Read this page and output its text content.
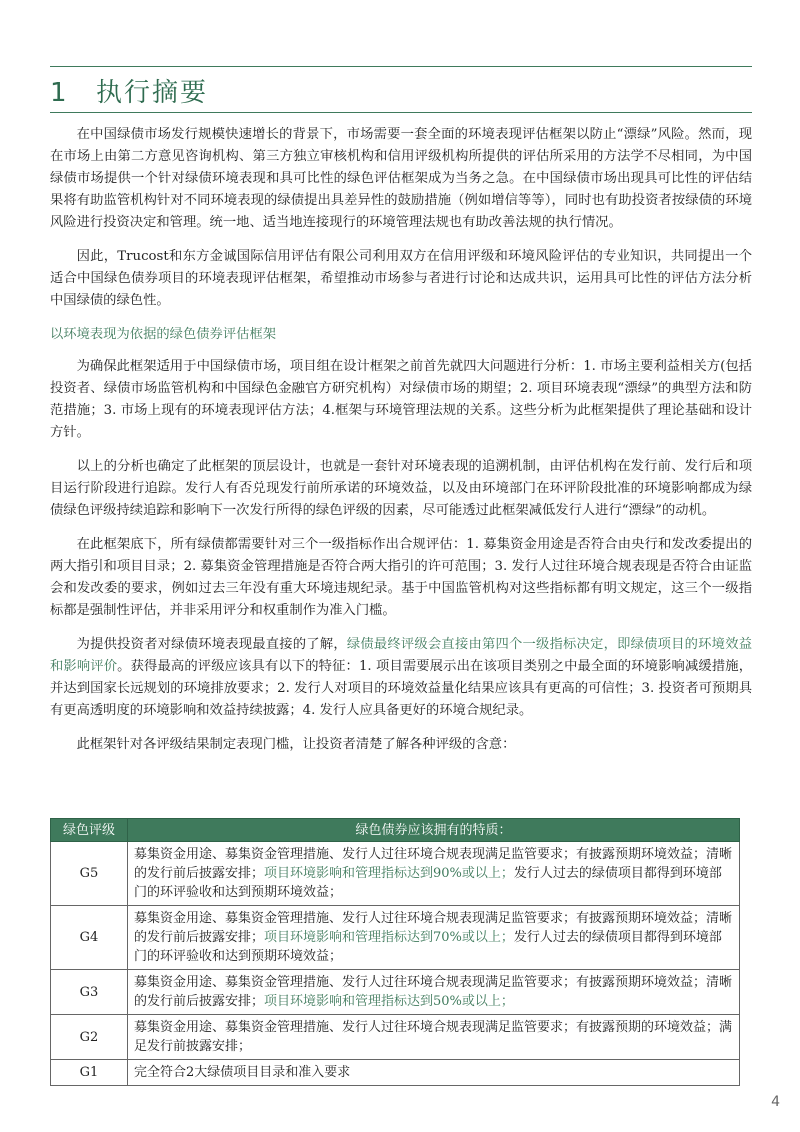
1 执行摘要

在中国绿债市场发行规模快速增长的背景下，市场需要一套全面的环境表现评估框架以防止“漂绿”风险。然而，现在市场上由第二方意见咨询机构、第三方独立审核机构和信用评级机构所提供的评估所采用的方法学不尽相同，为中国绿债市场提供一个针对绿债环境表现和具可比性的绿色评估框架成为当务之急。在中国绿债市场出现具可比性的评估结果将有助监管机构针对不同环境表现的绿债提出具差异性的鼓励措施（例如增信等等），同时也有助投资者按绿债的环境风险进行投资决定和管理。统一地、适当地连接现行的环境管理法规也有助改善法规的执行情况。

因此，Trucost和东方金诚国际信用评估有限公司利用双方在信用评级和环境风险评估的专业知识，共同提出一个适合中国绿色债券项目的环境表现评估框架，希望推动市场参与者进行讨论和达成共识，运用具可比性的评估方法分析中国绿债的绿色性。

以环境表现为依据的绿色债券评估框架

为确保此框架适用于中国绿债市场，项目组在设计框架之前首先就四大问题进行分析：1. 市场主要利益相关方(包括投资者、绿债市场监管机构和中国绿色金融官方研究机构）对绿债市场的期望；2. 项目环境表现“漂绿”的典型方法和防范措施；3. 市场上现有的环境表现评估方法；4.框架与环境管理法规的关系。这些分析为此框架提供了理论基础和设计方针。

以上的分析也确定了此框架的顶层设计，也就是一套针对环境表现的追溯机制，由评估机构在发行前、发行后和项目运行阶段进行追踪。发行人有否兑现发行前所承诺的环境效益，以及由环境部门在环评阶段批准的环境影响都成为绿债绿色评级持续追踪和影响下一次发行所得的绿色评级的因素，尽可能透过此框架减低发行人进行“漂绿”的动机。

在此框架底下，所有绿债都需要针对三个一级指标作出合规评估：1. 募集资金用途是否符合由央行和发改委提出的两大指引和项目目录；2. 募集资金管理措施是否符合两大指引的许可范围；3. 发行人过往环境合规表现是否符合由证监会和发改委的要求，例如过去三年没有重大环境违规纪录。基于中国监管机构对这些指标都有明文规定，这三个一级指标都是强制性评估，并非采用评分和权重制作为准入门槛。

为提供投资者对绿债环境表现最直接的了解，绿债最终评级会直接由第四个一级指标决定，即绿债项目的环境效益和影响评价。获得最高的评级应该具有以下的特征：1. 项目需要展示出在该项目类别之中最全面的环境影响减缓措施，并达到国家长远规划的环境排放要求；2. 发行人对项目的环境效益量化结果应该具有更高的可信性；3. 投资者可预期具有更高透明度的环境影响和效益持续披露；4. 发行人应具备更好的环境合规纪录。

此框架针对各评级结果制定表现门槛，让投资者清楚了解各种评级的含意：

绿色评级	绿色债券应该拥有的特质：
G5	募集资金用途、募集资金管理措施、发行人过往环境合规表现满足监管要求；有披露预期环境效益；清晰的发行前后披露安排；项目环境影响和管理指标达到90%或以上；发行人过去的绿债项目都得到环境部门的环评验收和达到预期环境效益；
G4	募集资金用途、募集资金管理措施、发行人过往环境合规表现满足监管要求；有披露预期环境效益；清晰的发行前后披露安排；项目环境影响和管理指标达到70%或以上；发行人过去的绿债项目都得到环境部门的环评验收和达到预期环境效益；
G3	募集资金用途、募集资金管理措施、发行人过往环境合规表现满足监管要求；有披露预期环境效益；清晰的发行前后披露安排；项目环境影响和管理指标达到50%或以上；
G2	募集资金用途、募集资金管理措施、发行人过往环境合规表现满足监管要求；有披露预期的环境效益；满足发行前披露安排；
G1	完全符合2大绿债项目目录和准入要求
4
